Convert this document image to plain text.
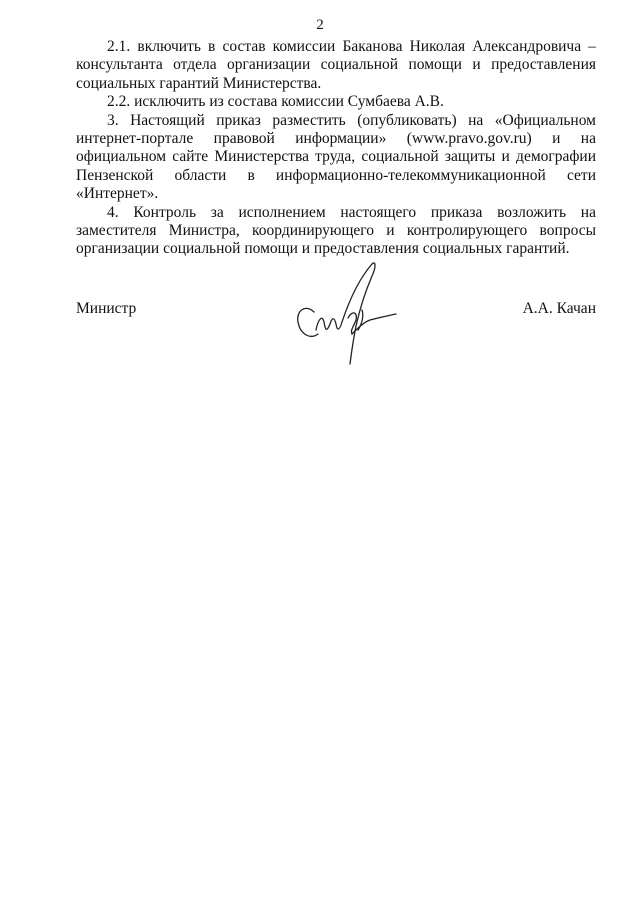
2

2.1. включить в состав комиссии Баканова Николая Александровича – консультанта отдела организации социальной помощи и предоставления социальных гарантий Министерства.

2.2. исключить из состава комиссии Сумбаева А.В.

3. Настоящий приказ разместить (опубликовать) на «Официальном интернет-портале правовой информации» (www.pravo.gov.ru) и на официальном сайте Министерства труда, социальной защиты и демографии Пензенской области в информационно-телекоммуникационной сети «Интернет».

4. Контроль за исполнением настоящего приказа возложить на заместителя Министра, координирующего и контролирующего вопросы организации социальной помощи и предоставления социальных гарантий.

Министр	А.А. Качан
